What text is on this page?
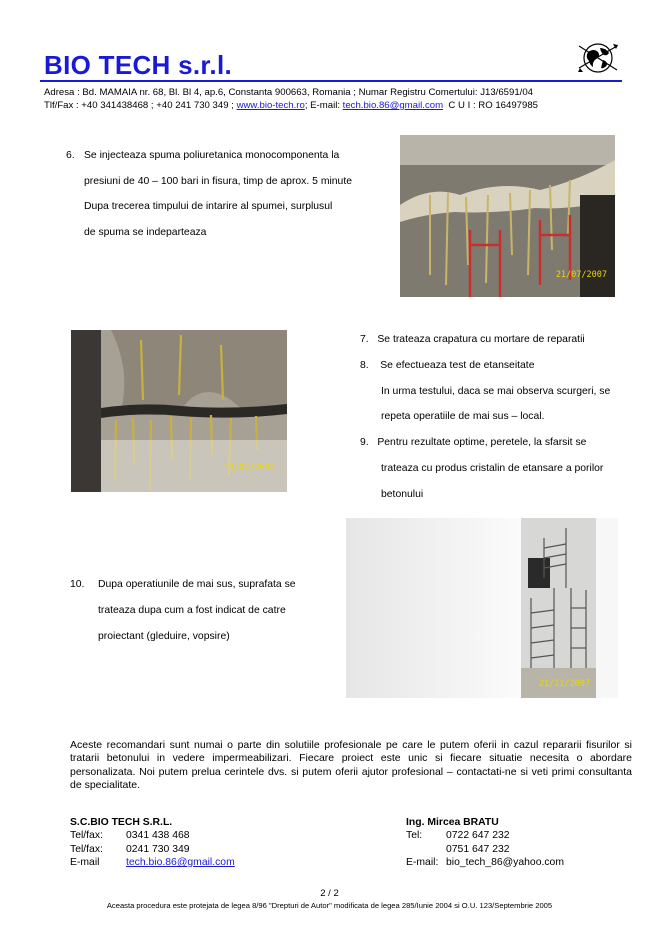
BIO TECH s.r.l.
Adresa : Bd. MAMAIA nr. 68, Bl. Bl 4, ap.6, Constanta 900663, Romania ; Numar Registru Comertului: J13/6591/04
Tlf/Fax : +40 341438468 ; +40 241 730 349 ; www.bio-tech.ro; E-mail: tech.bio.86@gmail.com C U I : RO 16497985
6. Se injecteaza spuma poliuretanica monocomponenta la
presiuni de 40 – 100 bari in fisura, timp de aprox. 5 minute
Dupa trecerea timpului de intarire al spumei, surplusul
de spuma se indeparteaza
21/07/2007
23/07/2007
7. Se trateaza crapatura cu mortare de reparatii
8. Se efectueaza test de etanseitate
In urma testului, daca se mai observa scurgeri, se
repeta operatiile de mai sus – local.
9. Pentru rezultate optime, peretele, la sfarsit se
trateaza cu produs cristalin de etansare a porilor
betonului
21/11/2007
10. Dupa operatiunile de mai sus, suprafata se
trateaza dupa cum a fost indicat de catre
proiectant (gleduire, vopsire)
Aceste recomandari sunt numai o parte din solutiile profesionale pe care le putem oferii in cazul repararii fisurilor si tratarii betonului in vedere impermeabilizari. Fiecare proiect este unic si fiecare situatie necesita o abordare personalizata. Noi putem prelua cerintele dvs. si putem oferii ajutor profesional – contactati-ne si veti primi consultanta de specialitate.
S.C.BIO TECH S.R.L.
Tel/fax: 0341 438 468
Tel/fax: 0241 730 349
E-mail	tech.bio.86@gmail.com
Ing. Mircea BRATU
Tel: 0722 647 232
0751 647 232
E-mail: bio_tech_86@yahoo.com
2 / 2
Aceasta procedura este protejata de legea 8/96 "Drepturi de Autor" modificata de legea 285/Iunie 2004 si O.U. 123/Septembrie 2005
